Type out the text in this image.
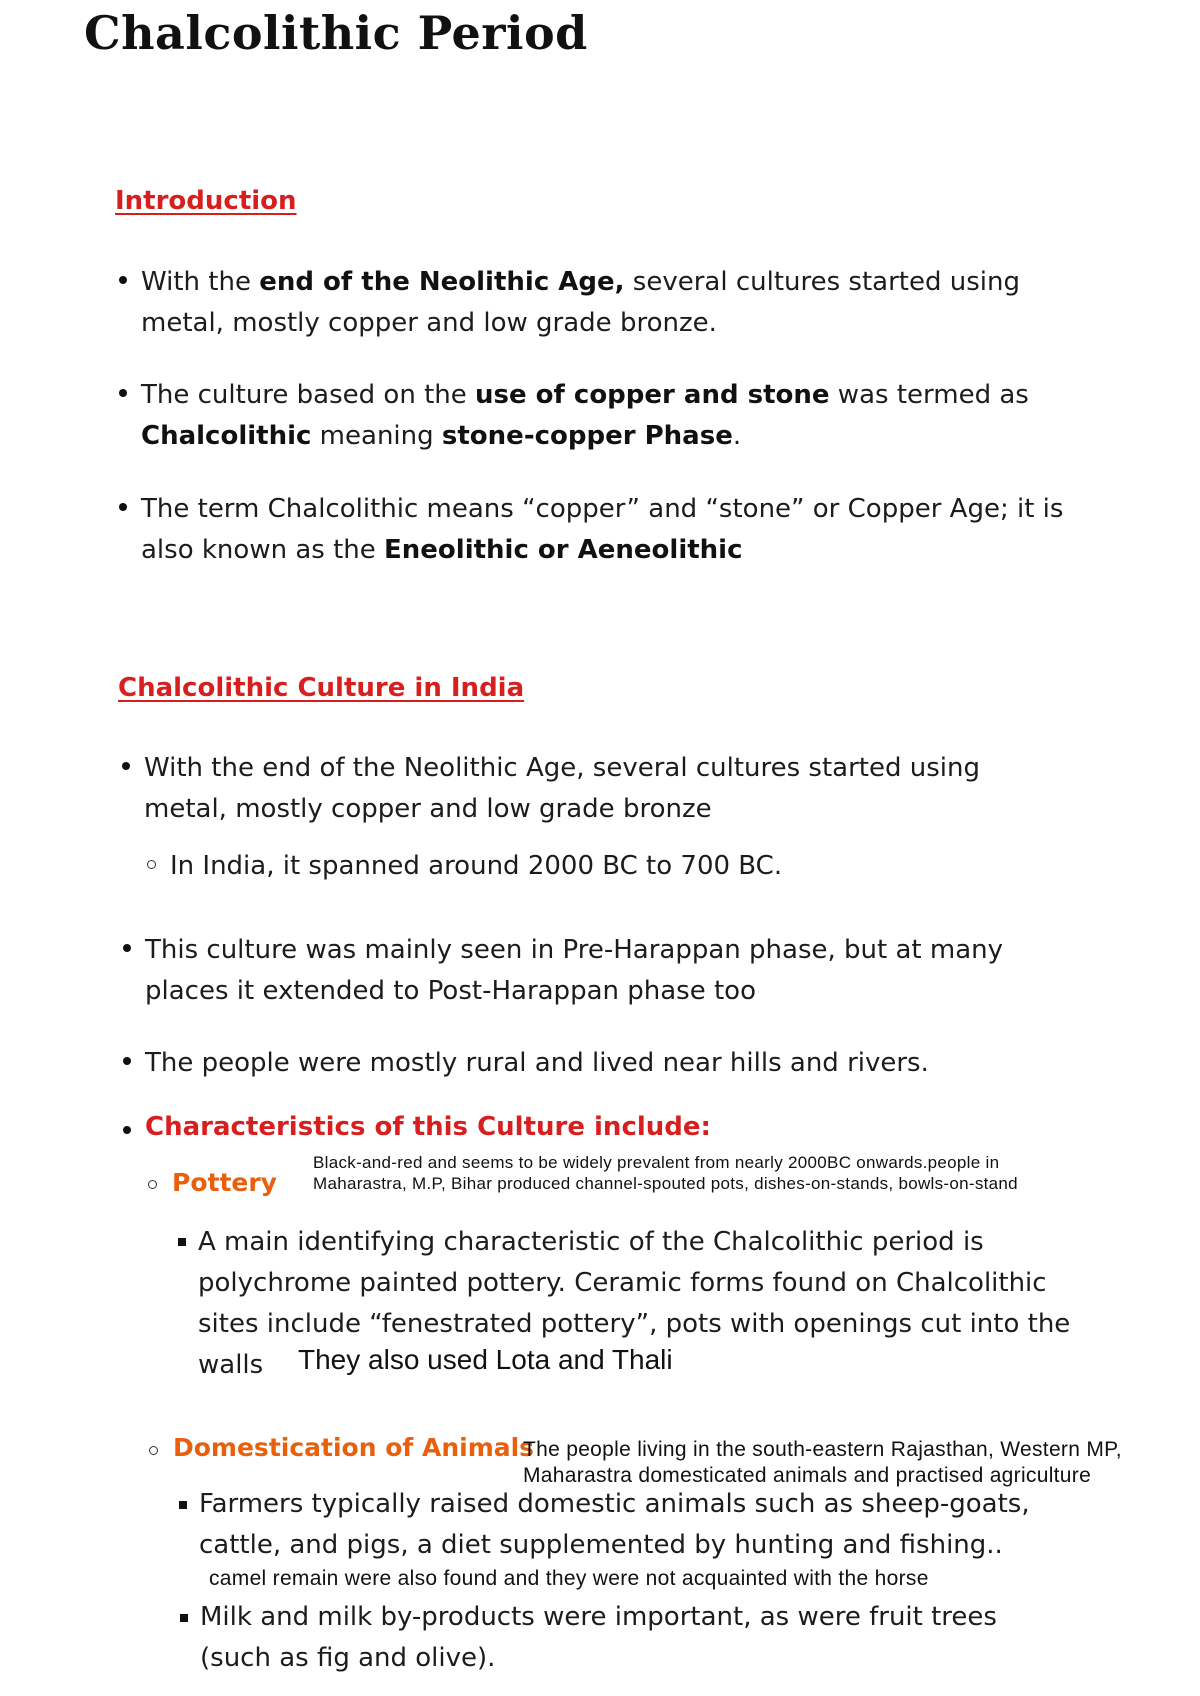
Chalcolithic Period
Introduction
With the end of the Neolithic Age, several cultures started using
metal, mostly copper and low grade bronze.
The culture based on the use of copper and stone was termed as
Chalcolithic meaning stone-copper Phase.
The term Chalcolithic means “copper” and “stone” or Copper Age; it is
also known as the Eneolithic or Aeneolithic
Chalcolithic Culture in India
With the end of the Neolithic Age, several cultures started using
metal, mostly copper and low grade bronze
In India, it spanned around 2000 BC to 700 BC.
This culture was mainly seen in Pre-Harappan phase, but at many
places it extended to Post-Harappan phase too
The people were mostly rural and lived near hills and rivers.
Characteristics of this Culture include:
Pottery
Black-and-red and seems to be widely prevalent from nearly 2000BC onwards.people in
Maharastra, M.P, Bihar produced channel-spouted pots, dishes-on-stands, bowls-on-stand
A main identifying characteristic of the Chalcolithic period is
polychrome painted pottery. Ceramic forms found on Chalcolithic
sites include “fenestrated pottery”, pots with openings cut into the
walls	They also used Lota and Thali
Domestication of Animals
The people living in the south-eastern Rajasthan, Western MP,
Maharastra domesticated animals and practised agriculture
Farmers typically raised domestic animals such as sheep-goats,
cattle, and pigs, a diet supplemented by hunting and fishing..
camel remain were also found and they were not acquainted with the horse
Milk and milk by-products were important, as were fruit trees
(such as fig and olive).
